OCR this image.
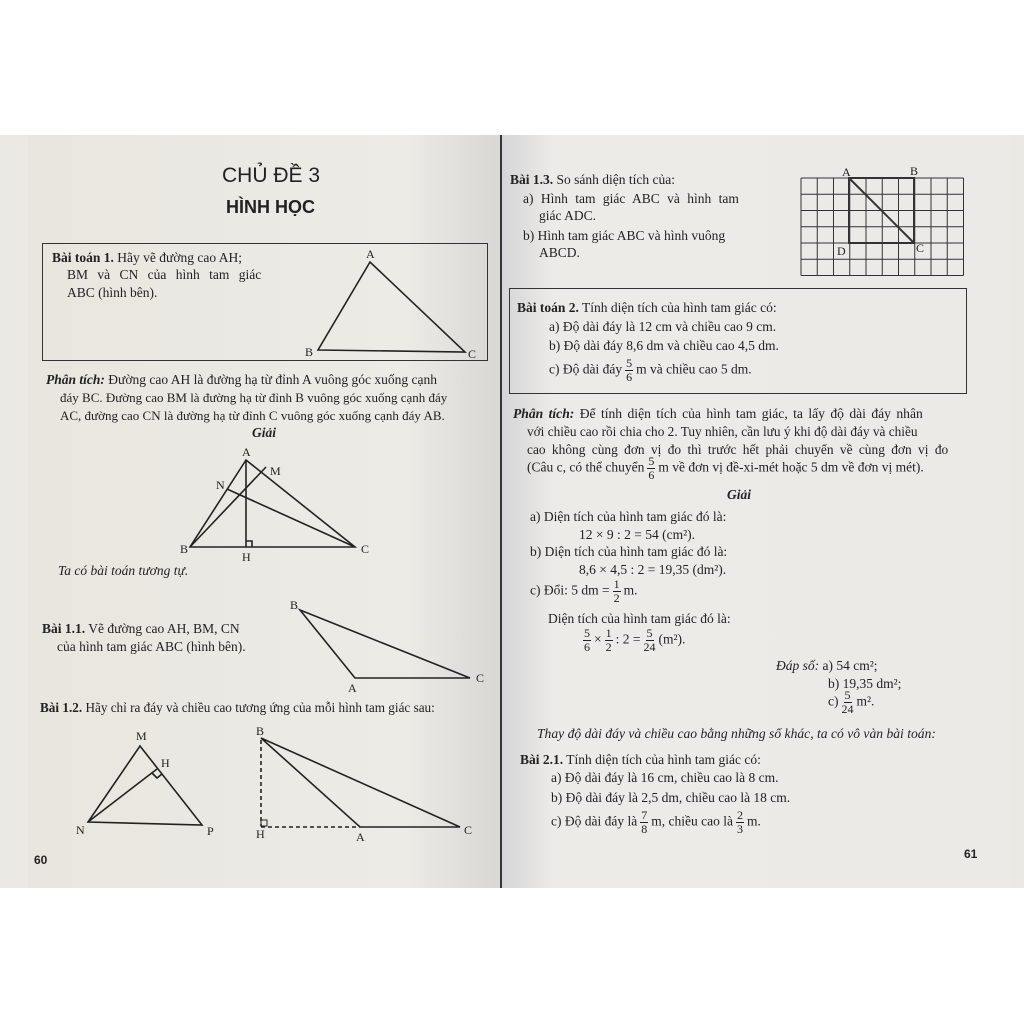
CHỦ ĐỀ 3
HÌNH HỌC
Bài toán 1. Hãy vẽ đường cao AH;
BM và CN của hình tam giác
ABC (hình bên).
Phân tích: Đường cao AH là đường hạ từ đỉnh A vuông góc xuống cạnh
đáy BC. Đường cao BM là đường hạ từ đỉnh B vuông góc xuống cạnh đáy
AC, đường cao CN là đường hạ từ đỉnh C vuông góc xuống cạnh đáy AB.
Giải
Ta có bài toán tương tự.
Bài 1.1. Vẽ đường cao AH, BM, CN
của hình tam giác ABC (hình bên).
Bài 1.2. Hãy chỉ ra đáy và chiều cao tương ứng của mỗi hình tam giác sau:
A
B	C
A
M
N
B
H
C
B
C
A
M
H
N	P
B
H	A	C
60
Bài 1.3. So sánh diện tích của:
a) Hình tam giác ABC và hình tam
giác ADC.
b) Hình tam giác ABC và hình vuông
ABCD.
A	B
D	C
Bài toán 2. Tính diện tích của hình tam giác có:
a) Độ dài đáy là 12 cm và chiều cao 9 cm.
b) Độ dài đáy 8,6 dm và chiều cao 4,5 dm.
c) Độ dài đáy $\frac{5}{6}$ m và chiều cao 5 dm.
Phân tích: Để tính diện tích của hình tam giác, ta lấy độ dài đáy nhân
với chiều cao rồi chia cho 2. Tuy nhiên, cần lưu ý khi độ dài đáy và chiều
cao không cùng đơn vị đo thì trước hết phải chuyển về cùng đơn vị đo
(Câu c, có thể chuyển $\frac{5}{6}$ m về đơn vị đề-xi-mét hoặc 5 dm về đơn vị mét).
Giải
a) Diện tích của hình tam giác đó là:
12 × 9 : 2 = 54 (cm²).
b) Diện tích của hình tam giác đó là:
8,6 × 4,5 : 2 = 19,35 (dm²).
c) Đổi: 5 dm = $\frac{1}{2} m$.
Diện tích của hình tam giác đó là:
$\frac{5}{6} \times \frac{1}{2}$ : $2 = \frac{5}{24} (m^2)$.
Đáp số: a) 54 cm²;
b) 19,35 dm²;
$c) \frac{5}{24} m^2$.
Thay độ dài đáy và chiều cao bằng những số khác, ta có vô vàn bài toán:
Bài 2.1. Tính diện tích của hình tam giác có:
a) Độ dài đáy là 16 cm, chiều cao là 8 cm.
b) Độ dài đáy là 2,5 dm, chiều cao là 18 cm.
c) Độ dài đáy là $\frac{7}{8} m$, chiều cao là $\frac{2}{3} m$.
61
